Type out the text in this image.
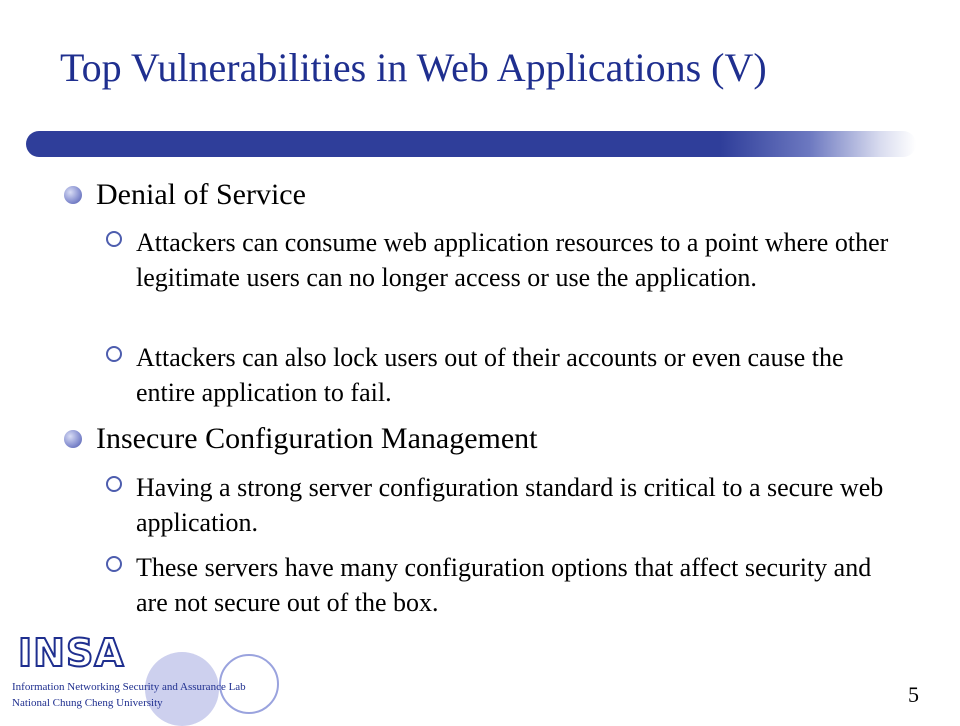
Top Vulnerabilities in Web Applications (V)
Denial of Service
Attackers can consume web application resources to a point where other legitimate users can no longer access or use the application.
Attackers can also lock users out of their accounts or even cause the entire application to fail.
Insecure Configuration Management
Having a strong server configuration standard is critical to a secure web application.
These servers have many configuration options that affect security and are not secure out of the box.
INSA
Information Networking Security and Assurance Lab
National Chung Cheng University	5
